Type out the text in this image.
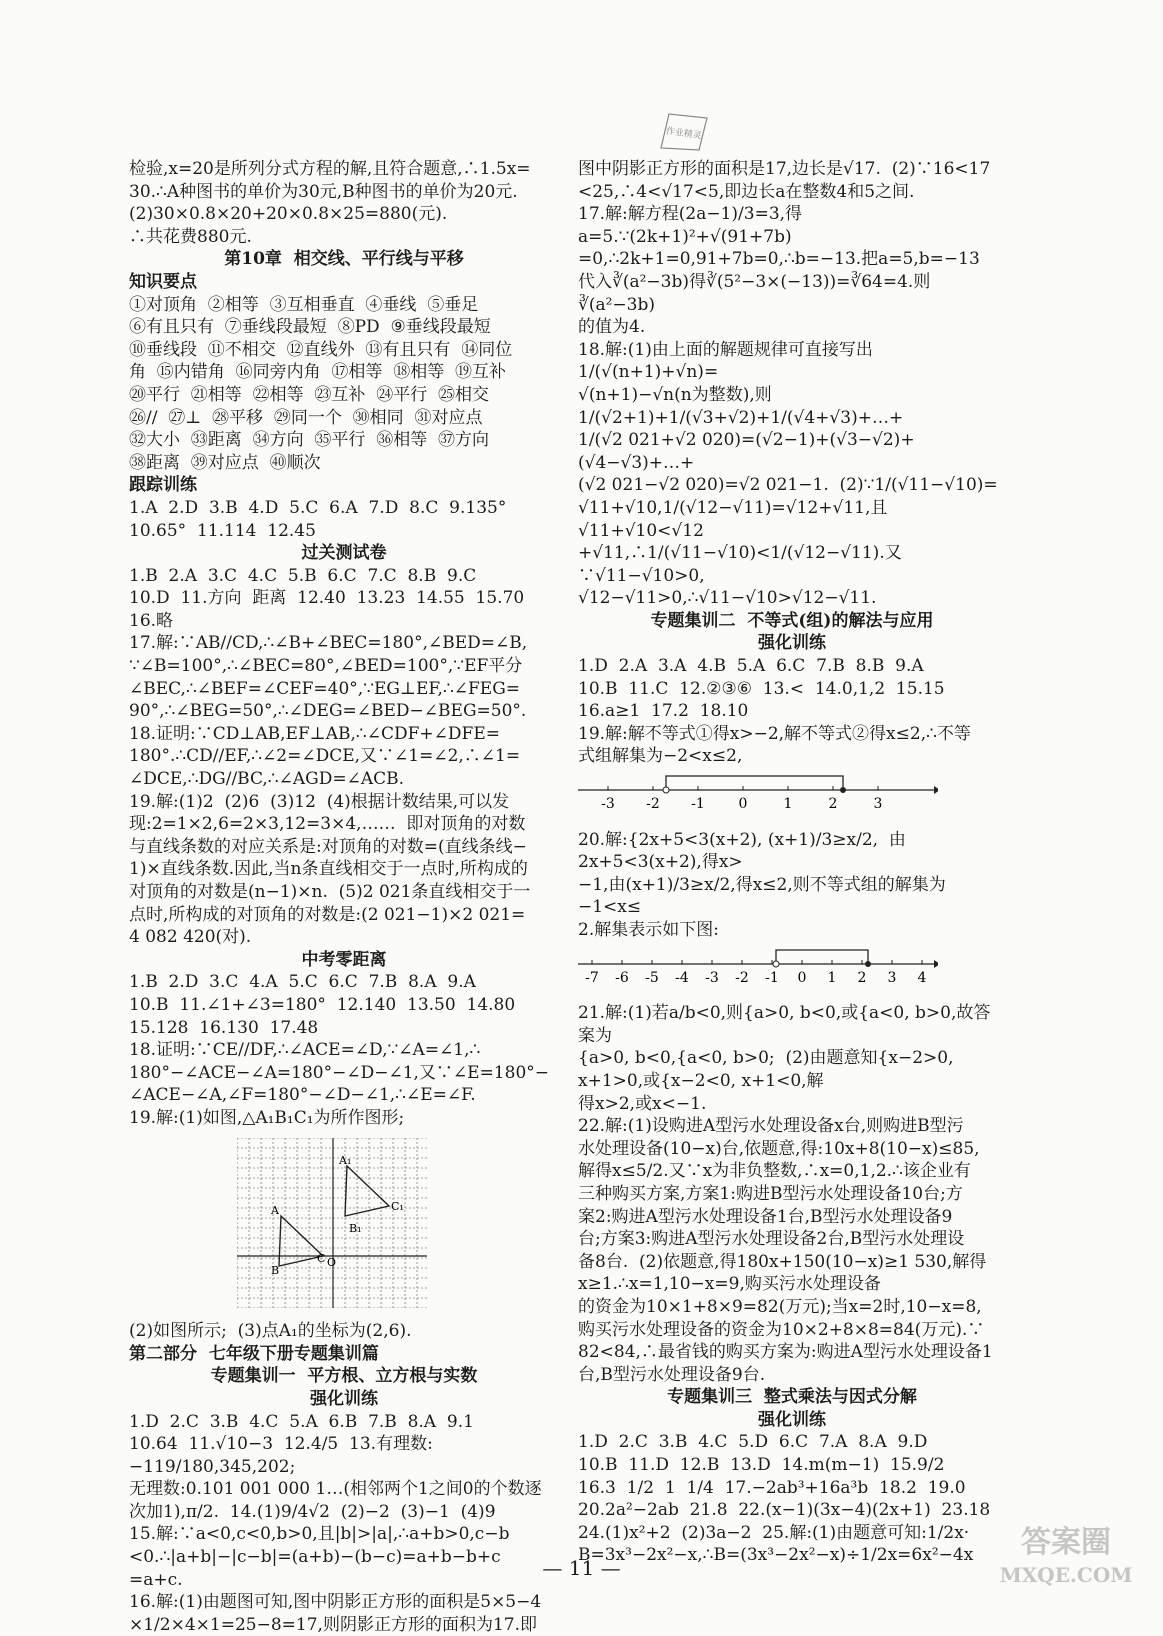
作业精灵
答案圈
MXQE.COM

检验,x=20是所列分式方程的解,且符合题意,∴1.5x=

30.∴A种图书的单价为30元,B种图书的单价为20元.

(2)30×0.8×20+20×0.8×25=880(元).

∴共花费880元.

第10章  相交线、平行线与平移

知识要点

①对顶角  ②相等  ③互相垂直  ④垂线  ⑤垂足

⑥有且只有  ⑦垂线段最短  ⑧PD  ⑨垂线段最短

⑩垂线段  ⑪不相交  ⑫直线外  ⑬有且只有  ⑭同位

角  ⑮内错角  ⑯同旁内角  ⑰相等  ⑱相等  ⑲互补

⑳平行  ㉑相等  ㉒相等  ㉓互补  ㉔平行  ㉕相交

㉖//  ㉗⊥  ㉘平移  ㉙同一个  ㉚相同  ㉛对应点

㉜大小  ㉝距离  ㉞方向  ㉟平行  ㊱相等  ㊲方向

㊳距离  ㊴对应点  ㊵顺次

跟踪训练

1.A  2.D  3.B  4.D  5.C  6.A  7.D  8.C  9.135°

10.65°  11.114  12.45

过关测试卷

1.B  2.A  3.C  4.C  5.B  6.C  7.C  8.B  9.C

10.D  11.方向  距离  12.40  13.23  14.55  15.70

16.略

17.解:∵AB//CD,∴∠B+∠BEC=180°,∠BED=∠B,

∵∠B=100°,∴∠BEC=80°,∠BED=100°,∵EF平分

∠BEC,∴∠BEF=∠CEF=40°,∵EG⊥EF,∴∠FEG=

90°,∴∠BEG=50°,∴∠DEG=∠BED−∠BEG=50°.

18.证明:∵CD⊥AB,EF⊥AB,∴∠CDF+∠DFE=

180°.∴CD//EF,∴∠2=∠DCE,又∵∠1=∠2,∴∠1=

∠DCE,∴DG//BC,∴∠AGD=∠ACB.

19.解:(1)2  (2)6  (3)12  (4)根据计数结果,可以发

现:2=1×2,6=2×3,12=3×4,……  即对顶角的对数

与直线条数的对应关系是:对顶角的对数=(直线条线−

1)×直线条数.因此,当n条直线相交于一点时,所构成的

对顶角的对数是(n−1)×n.  (5)2 021条直线相交于一

点时,所构成的对顶角的对数是:(2 021−1)×2 021=

4 082 420(对).

中考零距离

1.B  2.D  3.C  4.A  5.C  6.C  7.B  8.A  9.A

10.B  11.∠1+∠3=180°  12.140  13.50  14.80

15.128  16.130  17.48

18.证明:∵CE//DF,∴∠ACE=∠D,∵∠A=∠1,∴

180°−∠ACE−∠A=180°−∠D−∠1,又∵∠E=180°−

∠ACE−∠A,∠F=180°−∠D−∠1,∴∠E=∠F.

19.解:(1)如图,△A₁B₁C₁为所作图形;

A
C
B
O
A₁
C₁
B₁

(2)如图所示;  (3)点A₁的坐标为(2,6).

第二部分  七年级下册专题集训篇

专题集训一  平方根、立方根与实数

强化训练

1.D  2.C  3.B  4.C  5.A  6.B  7.B  8.A  9.1

10.64  11.√10−3  12.4/5  13.有理数:−119/180,345,202;

无理数:0.101 001 000 1…(相邻两个1之间0的个数逐

次加1),π/2.  14.(1)9/4√2  (2)−2  (3)−1  (4)9

15.解:∵a<0,c<0,b>0,且|b|>|a|,∴a+b>0,c−b

<0.∴|a+b|−|c−b|=(a+b)−(b−c)=a+b−b+c

=a+c.

16.解:(1)由题图可知,图中阴影正方形的面积是5×5−4

×1/2×4×1=25−8=17,则阴影正方形的面积为17.即

图中阴影正方形的面积是17,边长是√17.  (2)∵16<17

<25,∴4<√17<5,即边长a在整数4和5之间.

17.解:解方程(2a−1)/3=3,得a=5.∵(2k+1)²+√(91+7b)

=0,∴2k+1=0,91+7b=0,∴b=−13.把a=5,b=−13

代入∛(a²−3b)得∛(5²−3×(−13))=∛64=4.则∛(a²−3b)

的值为4.

18.解:(1)由上面的解题规律可直接写出1/(√(n+1)+√n)=

√(n+1)−√n(n为整数),则1/(√2+1)+1/(√3+√2)+1/(√4+√3)+…+

1/(√2 021+√2 020)=(√2−1)+(√3−√2)+(√4−√3)+…+

(√2 021−√2 020)=√2 021−1.  (2)∵1/(√11−√10)=

√11+√10,1/(√12−√11)=√12+√11,且√11+√10<√12

+√11,∴1/(√11−√10)<1/(√12−√11).又∵√11−√10>0,

√12−√11>0,∴√11−√10>√12−√11.

专题集训二  不等式(组)的解法与应用

强化训练

1.D  2.A  3.A  4.B  5.A  6.C  7.B  8.B  9.A

10.B  11.C  12.②③⑥  13.<  14.0,1,2  15.15

16.a≥1  17.2  18.10

19.解:解不等式①得x>−2,解不等式②得x≤2,∴不等

式组解集为−2<x≤2,

-3 -2 -1 0	1	2	3

20.解:{2x+5<3(x+2), (x+1)/3≥x/2,  由2x+5<3(x+2),得x>

−1,由(x+1)/3≥x/2,得x≤2,则不等式组的解集为−1<x≤

2.解集表示如下图:

-7 -6 -5 -4 -3 -2 -1 0 1 2 3 4

21.解:(1)若a/b<0,则{a>0, b<0,或{a<0, b>0,故答案为

{a>0, b<0,{a<0, b>0;  (2)由题意知{x−2>0, x+1>0,或{x−2<0, x+1<0,解

得x>2,或x<−1.

22.解:(1)设购进A型污水处理设备x台,则购进B型污

水处理设备(10−x)台,依题意,得:10x+8(10−x)≤85,

解得x≤5/2.又∵x为非负整数,∴x=0,1,2.∴该企业有

三种购买方案,方案1:购进B型污水处理设备10台;方

案2:购进A型污水处理设备1台,B型污水处理设备9

台;方案3:购进A型污水处理设备2台,B型污水处理设

备8台.  (2)依题意,得180x+150(10−x)≥1 530,解得

x≥1.∴x=1,10−x=9,购买污水处理设备

的资金为10×1+8×9=82(万元);当x=2时,10−x=8,

购买污水处理设备的资金为10×2+8×8=84(万元).∵

82<84,∴最省钱的购买方案为:购进A型污水处理设备1

台,B型污水处理设备9台.

专题集训三  整式乘法与因式分解

强化训练

1.D  2.C  3.B  4.C  5.D  6.C  7.A  8.A  9.D

10.B  11.D  12.B  13.D  14.m(m−1)  15.9/2

16.3  1/2  1  1/4  17.−2ab³+16a³b  18.2  19.0

20.2a²−2ab  21.8  22.(x−1)(3x−4)(2x+1)  23.18

24.(1)x²+2  (2)3a−2  25.解:(1)由题意可知:1/2x·

B=3x³−2x²−x,∴B=(3x³−2x²−x)÷1/2x=6x²−4x

— 11 —
